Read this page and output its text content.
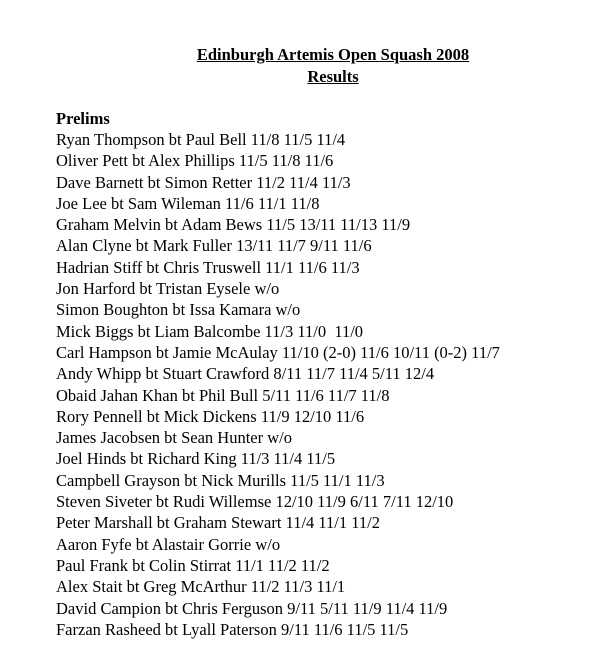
Edinburgh Artemis Open Squash 2008
Results
Prelims
Ryan Thompson bt Paul Bell 11/8 11/5 11/4
Oliver Pett bt Alex Phillips 11/5 11/8 11/6
Dave Barnett bt Simon Retter 11/2 11/4 11/3
Joe Lee bt Sam Wileman 11/6 11/1 11/8
Graham Melvin bt Adam Bews 11/5 13/11 11/13 11/9
Alan Clyne bt Mark Fuller 13/11 11/7 9/11 11/6
Hadrian Stiff bt Chris Truswell 11/1 11/6 11/3
Jon Harford bt Tristan Eysele w/o
Simon Boughton bt Issa Kamara w/o
Mick Biggs bt Liam Balcombe 11/3 11/0  11/0
Carl Hampson bt Jamie McAulay 11/10 (2-0) 11/6 10/11 (0-2) 11/7
Andy Whipp bt Stuart Crawford 8/11 11/7 11/4 5/11 12/4
Obaid Jahan Khan bt Phil Bull 5/11 11/6 11/7 11/8
Rory Pennell bt Mick Dickens 11/9 12/10 11/6
James Jacobsen bt Sean Hunter w/o
Joel Hinds bt Richard King 11/3 11/4 11/5
Campbell Grayson bt Nick Murills 11/5 11/1 11/3
Steven Siveter bt Rudi Willemse 12/10 11/9 6/11 7/11 12/10
Peter Marshall bt Graham Stewart 11/4 11/1 11/2
Aaron Fyfe bt Alastair Gorrie w/o
Paul Frank bt Colin Stirrat 11/1 11/2 11/2
Alex Stait bt Greg McArthur 11/2 11/3 11/1
David Campion bt Chris Ferguson 9/11 5/11 11/9 11/4 11/9
Farzan Rasheed bt Lyall Paterson 9/11 11/6 11/5 11/5
